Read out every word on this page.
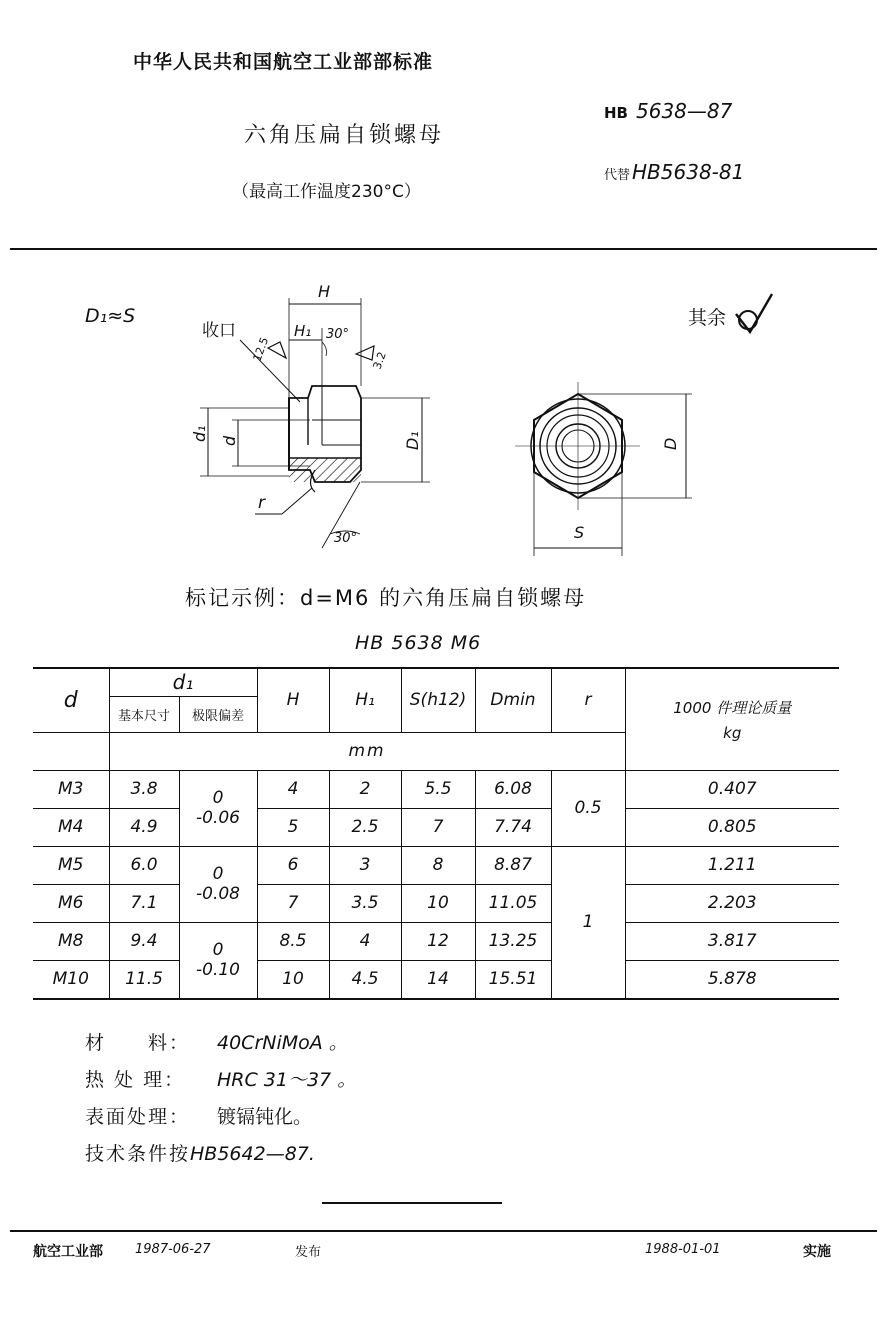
中华人民共和国航空工业部部标准
六角压扁自锁螺母
（最高工作温度230°C）
HB 5638—87
代替 HB5638-81
D₁≈S
H
H₁ 30°
收口
12.5	3.2
d₁ d	D₁
r
30°
其余
D
S
标记示例：d=M6 的六角压扁自锁螺母
HB 5638 M6
d	d₁		H	H₁	S(h12)	Dmin	r	1000 件理论质量
kg

	基本尺寸	极限偏差						
	mm							
M3	3.8	0
-0.06	4	2	5.5	6.08	0.5	0.407
M4	4.9		5	2.5	7	7.74		0.805
M5	6.0	0
-0.08	6	3	8	8.87	1	1.211
M6	7.1		7	3.5	10	11.05		2.203
M8	9.4	0
-0.10	8.5	4	12	13.25		3.817
M10	11.5		10	4.5	14	15.51		5.878
材　　料： 40CrNiMoA 。
热 处 理： HRC 31～37 。
表面处理： 镀镉钝化。
技术条件按HB5642—87.
航空工业部 1987-06-27	发布	1988-01-01	实施
